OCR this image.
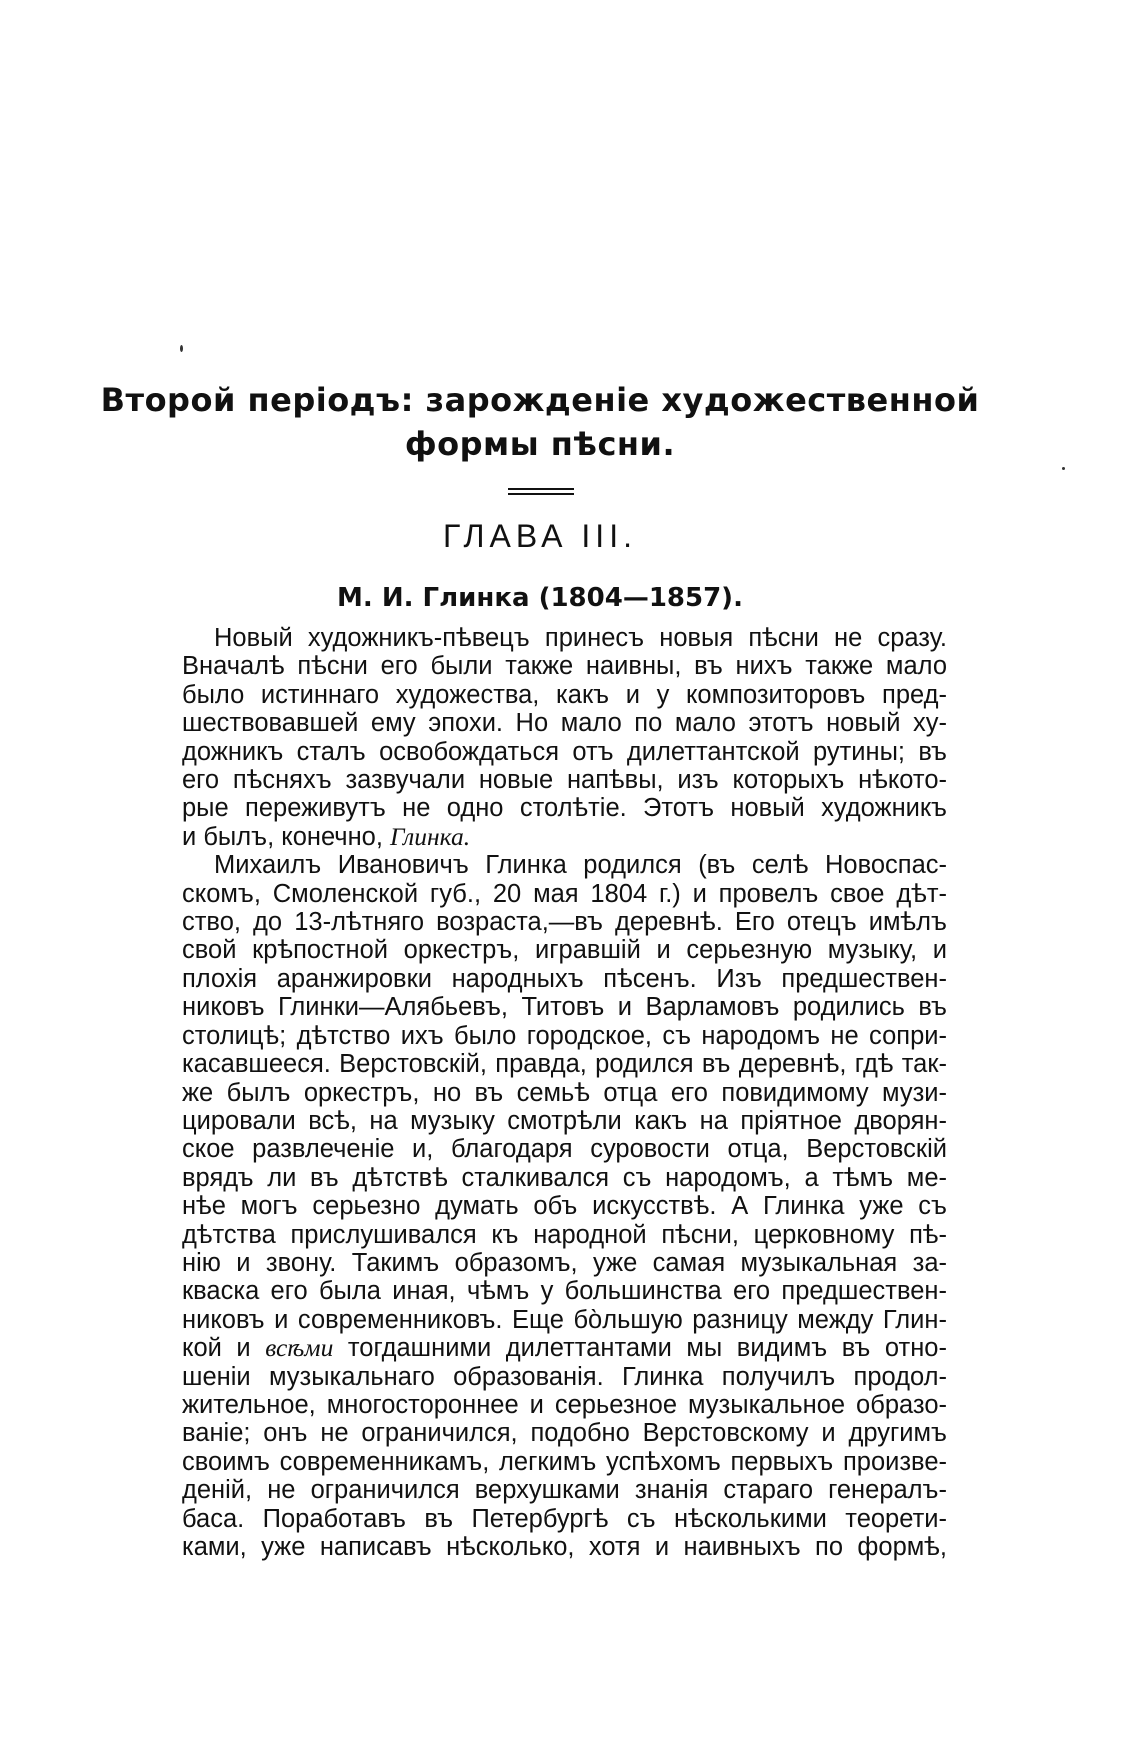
Второй періодъ: зарожденіе художественной
формы пѣсни.
ГЛАВА III.
М. И. Глинка (1804—1857).
Новый художникъ-пѣвецъ принесъ новыя пѣсни не сразу.
Вначалѣ пѣсни его были также наивны, въ нихъ также мало
было истиннаго художества, какъ и у композиторовъ пред-
шествовавшей ему эпохи. Но мало по мало этотъ новый ху-
дожникъ сталъ освобождаться отъ дилеттантской рутины; въ
его пѣсняхъ зазвучали новые напѣвы, изъ которыхъ нѣкото-
рые переживутъ не одно столѣтіе. Этотъ новый художникъ
и былъ, конечно, Глинка.
Михаилъ Ивановичъ Глинка родился (въ селѣ Новоспас-
скомъ, Смоленской губ., 20 мая 1804 г.) и провелъ свое дѣт-
ство, до 13-лѣтняго возраста,—въ деревнѣ. Его отецъ имѣлъ
свой крѣпостной оркестръ, игравшій и серьезную музыку, и
плохія аранжировки народныхъ пѣсенъ. Изъ предшествен-
никовъ Глинки—Алябьевъ, Титовъ и Варламовъ родились въ
столицѣ; дѣтство ихъ было городское, съ народомъ не сопри-
касавшееся. Верстовскій, правда, родился въ деревнѣ, гдѣ так-
же былъ оркестръ, но въ семьѣ отца его повидимому музи-
цировали всѣ, на музыку смотрѣли какъ на пріятное дворян-
ское развлеченіе и, благодаря суровости отца, Верстовскій
врядъ ли въ дѣтствѣ сталкивался съ народомъ, а тѣмъ ме-
нѣе могъ серьезно думать объ искусствѣ. А Глинка уже съ
дѣтства прислушивался къ народной пѣсни, церковному пѣ-
нію и звону. Такимъ образомъ, уже самая музыкальная за-
кваска его была иная, чѣмъ у большинства его предшествен-
никовъ и современниковъ. Еще бо̀льшую разницу между Глин-
кой и всѣми тогдашними дилеттантами мы видимъ въ отно-
шеніи музыкальнаго образованія. Глинка получилъ продол-
жительное, многостороннее и серьезное музыкальное образо-
ваніе; онъ не ограничился, подобно Верстовскому и другимъ
своимъ современникамъ, легкимъ успѣхомъ первыхъ произве-
деній, не ограничился верхушками знанія стараго генералъ-
баса. Поработавъ въ Петербургѣ съ нѣсколькими теорети-
ками, уже написавъ нѣсколько, хотя и наивныхъ по формѣ,
